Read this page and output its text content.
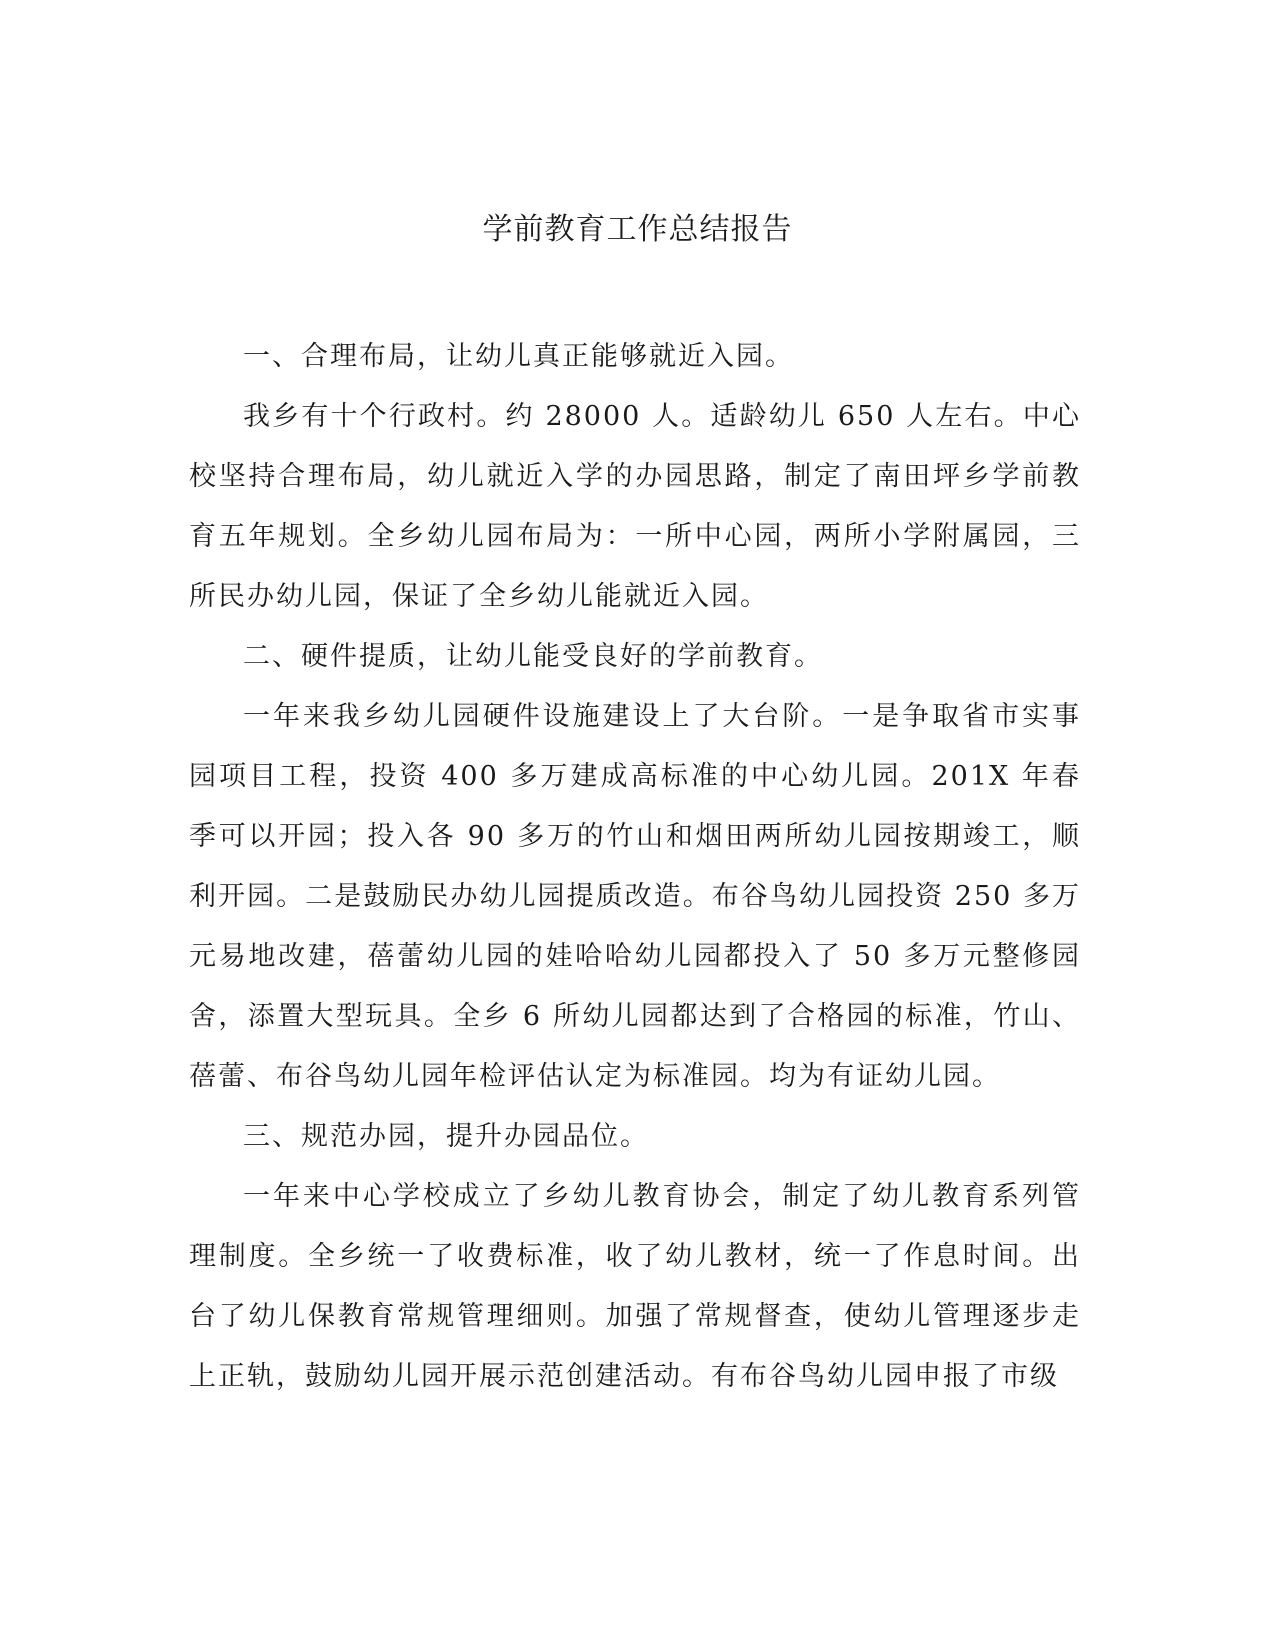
学前教育工作总结报告

一、合理布局，让幼儿真正能够就近入园。

我乡有十个行政村。约 28000 人。适龄幼儿 650 人左右。中心校坚持合理布局，幼儿就近入学的办园思路，制定了南田坪乡学前教育五年规划。全乡幼儿园布局为：一所中心园，两所小学附属园，三所民办幼儿园，保证了全乡幼儿能就近入园。

二、硬件提质，让幼儿能受良好的学前教育。

一年来我乡幼儿园硬件设施建设上了大台阶。一是争取省市实事园项目工程，投资 400 多万建成高标准的中心幼儿园。201X 年春季可以开园；投入各 90 多万的竹山和烟田两所幼儿园按期竣工，顺利开园。二是鼓励民办幼儿园提质改造。布谷鸟幼儿园投资 250 多万元易地改建，蓓蕾幼儿园的娃哈哈幼儿园都投入了 50 多万元整修园舍，添置大型玩具。全乡 6 所幼儿园都达到了合格园的标准，竹山、蓓蕾、布谷鸟幼儿园年检评估认定为标准园。均为有证幼儿园。

三、规范办园，提升办园品位。

一年来中心学校成立了乡幼儿教育协会，制定了幼儿教育系列管理制度。全乡统一了收费标准，收了幼儿教材，统一了作息时间。出台了幼儿保教育常规管理细则。加强了常规督查，使幼儿管理逐步走上正轨，鼓励幼儿园开展示范创建活动。有布谷鸟幼儿园申报了市级
